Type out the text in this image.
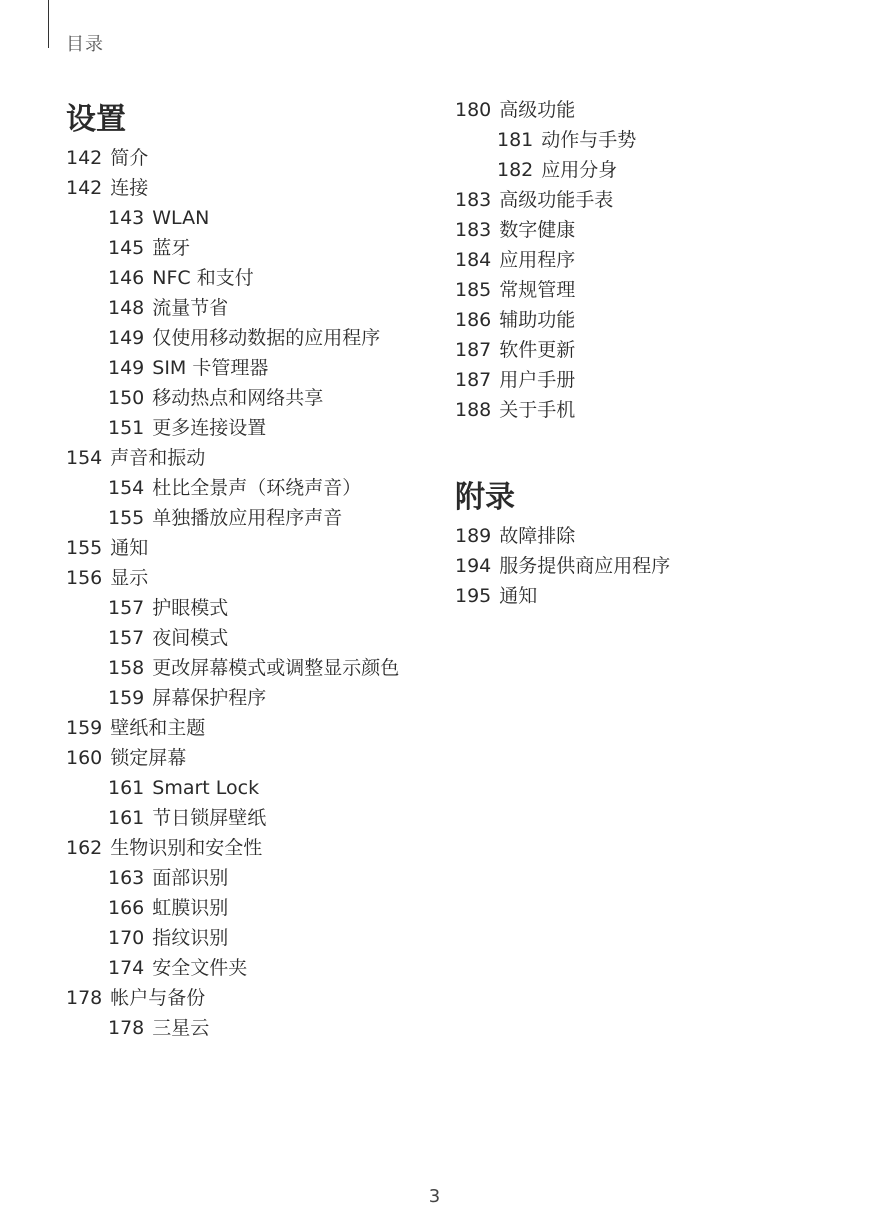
目录
设置
142 简介
142 连接
143 WLAN
145 蓝牙
146 NFC 和支付
148 流量节省
149 仅使用移动数据的应用程序
149 SIM 卡管理器
150 移动热点和网络共享
151 更多连接设置
154 声音和振动
154 杜比全景声（环绕声音）
155 单独播放应用程序声音
155 通知
156 显示
157 护眼模式
157 夜间模式
158 更改屏幕模式或调整显示颜色
159 屏幕保护程序
159 壁纸和主题
160 锁定屏幕
161 Smart Lock
161 节日锁屏壁纸
162 生物识别和安全性
163 面部识别
166 虹膜识别
170 指纹识别
174 安全文件夹
178 帐户与备份
178 三星云
180 高级功能
181 动作与手势
182 应用分身
183 高级功能手表
183 数字健康
184 应用程序
185 常规管理
186 辅助功能
187 软件更新
187 用户手册
188 关于手机
附录
189 故障排除
194 服务提供商应用程序
195 通知
3
